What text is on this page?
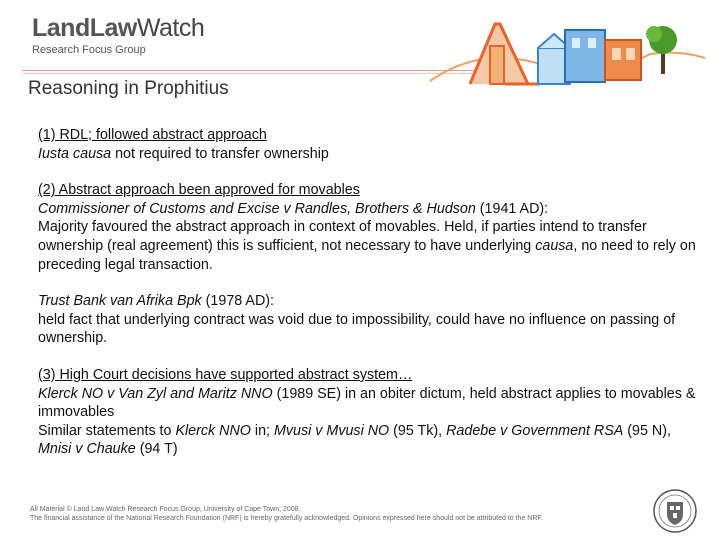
LandLawWatch
Research Focus Group
Reasoning in Prophitius
(1) RDL; followed abstract approach
Iusta causa not required to transfer ownership
(2) Abstract approach been approved for movables
Commissioner of Customs and Excise v Randles, Brothers & Hudson (1941 AD):
Majority favoured the abstract approach in context of movables. Held, if parties intend to transfer ownership (real agreement) this is sufficient, not necessary to have underlying causa, no need to rely on preceding legal transaction.
Trust Bank van Afrika Bpk (1978 AD):
held fact that underlying contract was void due to impossibility, could have no influence on passing of ownership.
(3) High Court decisions have supported abstract system…
Klerck NO v Van Zyl and Maritz NNO (1989 SE) in an obiter dictum, held abstract applies to movables & immovables
Similar statements to Klerck NNO in; Mvusi v Mvusi NO (95 Tk), Radebe v Government RSA (95 N), Mnisi v Chauke (94 T)
All Material © Land Law Watch Research Focus Group, University of Cape Town, 2008.
The financial assistance of the National Research Foundation (NRF) is hereby gratefully acknowledged. Opinions expressed here should not be attributed to the NRF.
